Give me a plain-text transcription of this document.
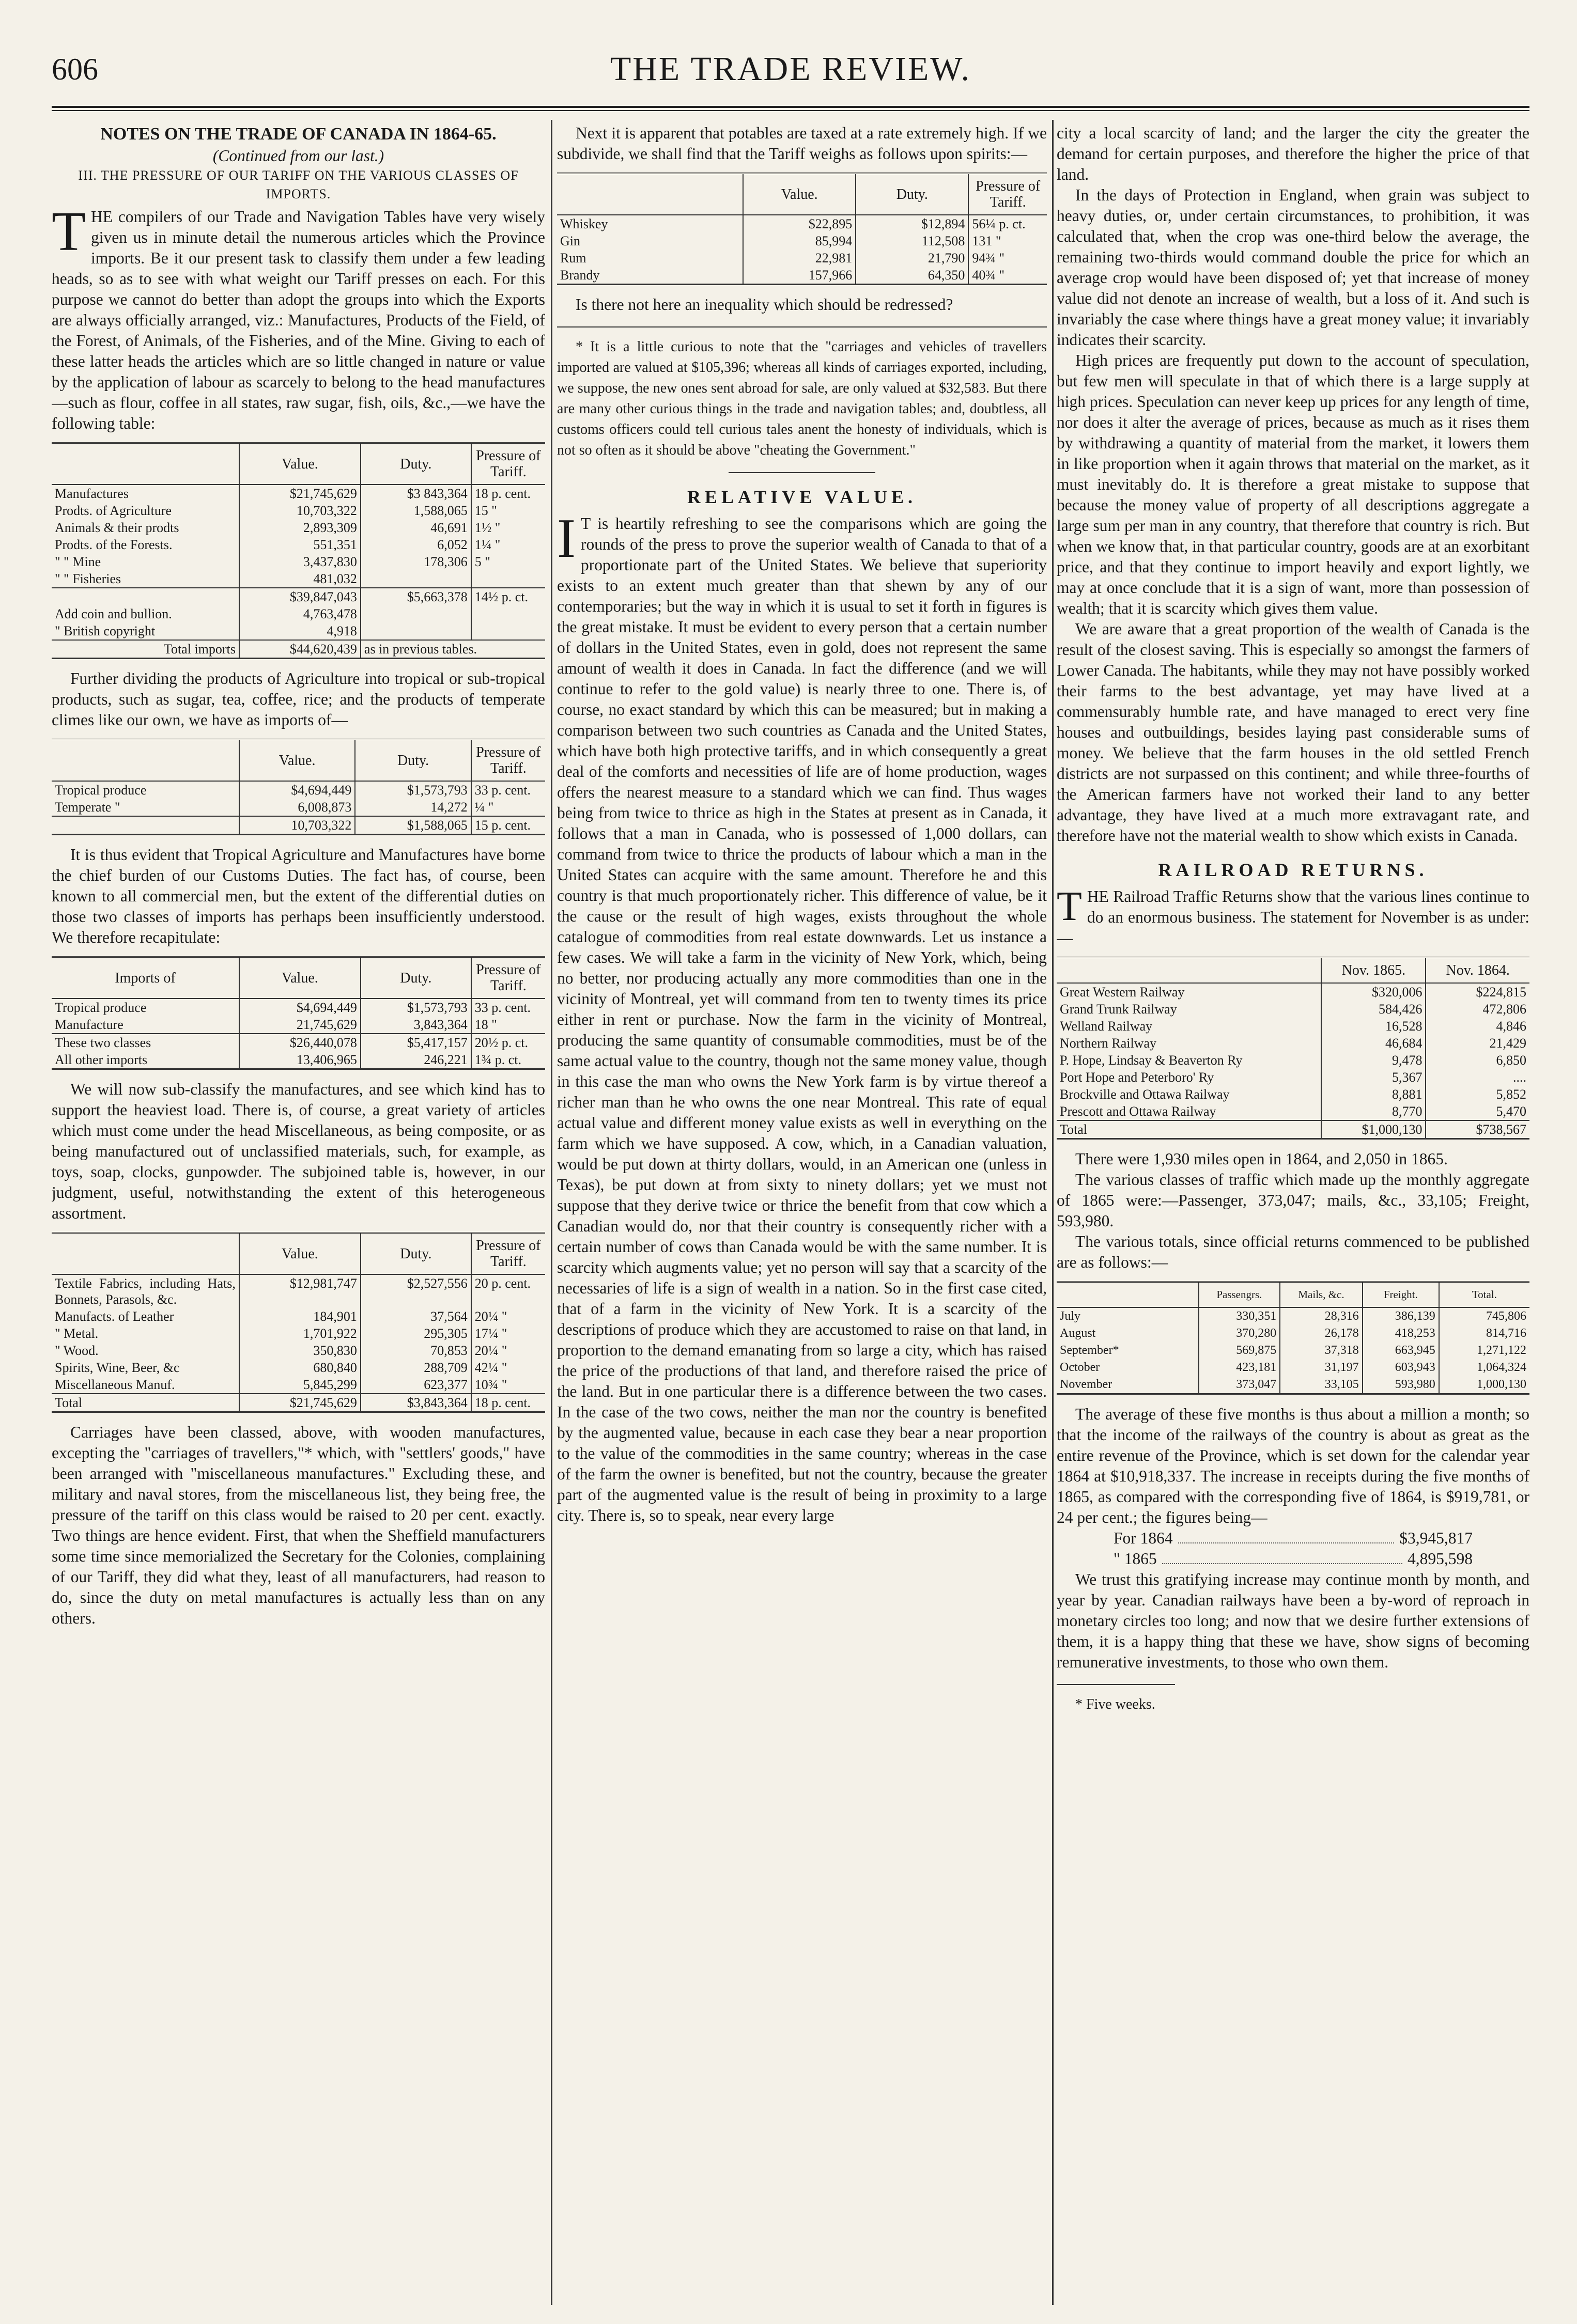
606	THE TRADE REVIEW.

NOTES ON THE TRADE OF CANADA IN 1864-65.

(Continued from our last.)

III. THE PRESSURE OF OUR TARIFF ON THE VARIOUS CLASSES OF IMPORTS.

THE compilers of our Trade and Navigation Tables have very wisely given us in minute detail the numerous articles which the Province imports. Be it our present task to classify them under a few leading heads, so as to see with what weight our Tariff presses on each. For this purpose we cannot do better than adopt the groups into which the Exports are always officially arranged, viz.: Manufactures, Products of the Field, of the Forest, of Animals, of the Fisheries, and of the Mine. Giving to each of these latter heads the articles which are so little changed in nature or value by the application of labour as scarcely to belong to the head manufactures—such as flour, coffee in all states, raw sugar, fish, oils, &c.,—we have the following table:

	Value.	Duty.	Pressure of Tariff.
Manufactures	$21,745,629	$3 843,364	18 p. cent.
Prodts. of Agriculture	10,703,322	1,588,065	15 "
Animals & their prodts	2,893,309	46,691	1½ "
Prodts. of the Forests.	551,351	6,052	1¼ "
" " Mine	3,437,830	178,306	5 "
" " Fisheries	481,032		
	$39,847,043	$5,663,378	14½ p. ct.
Add coin and bullion.	4,763,478		
" British copyright	4,918		
Total imports	$44,620,439	as in previous tables.	

Further dividing the products of Agriculture into tropical or sub-tropical products, such as sugar, tea, coffee, rice; and the products of temperate climes like our own, we have as imports of—

	Value.	Duty.	Pressure of Tariff.
Tropical produce	$4,694,449	$1,573,793	33 p. cent.
Temperate "	6,008,873	14,272	¼ "
	10,703,322	$1,588,065	15 p. cent.

It is thus evident that Tropical Agriculture and Manufactures have borne the chief burden of our Customs Duties. The fact has, of course, been known to all commercial men, but the extent of the differential duties on those two classes of imports has perhaps been insufficiently understood. We therefore recapitulate:

Imports of	Value.	Duty.	Pressure of Tariff.
Tropical produce	$4,694,449	$1,573,793	33 p. cent.
Manufacture	21,745,629	3,843,364	18 "
These two classes	$26,440,078	$5,417,157	20½ p. ct.
All other imports	13,406,965	246,221	1¾ p. ct.

We will now sub-classify the manufactures, and see which kind has to support the heaviest load. There is, of course, a great variety of articles which must come under the head Miscellaneous, as being composite, or as being manufactured out of unclassified materials, such, for example, as toys, soap, clocks, gunpowder. The subjoined table is, however, in our judgment, useful, notwithstanding the extent of this heterogeneous assortment.

	Value.	Duty.	Pressure of Tariff.
Textile Fabrics, including Hats, Bonnets, Parasols, &c.	$12,981,747	$2,527,556	20 p. cent.
Manufacts. of Leather	184,901	37,564	20¼ "
" Metal.	1,701,922	295,305	17¼ "
" Wood.	350,830	70,853	20¼ "
Spirits, Wine, Beer, &c	680,840	288,709	42¼ "
Miscellaneous Manuf.	5,845,299	623,377	10¾ "
Total	$21,745,629	$3,843,364	18 p. cent.

Carriages have been classed, above, with wooden manufactures, excepting the "carriages of travellers,"* which, with "settlers' goods," have been arranged with "miscellaneous manufactures." Excluding these, and military and naval stores, from the miscellaneous list, they being free, the pressure of the tariff on this class would be raised to 20 per cent. exactly. Two things are hence evident. First, that when the Sheffield manufacturers some time since memorialized the Secretary for the Colonies, complaining of our Tariff, they did what they, least of all manufacturers, had reason to do, since the duty on metal manufactures is actually less than on any others.

Next it is apparent that potables are taxed at a rate extremely high. If we subdivide, we shall find that the Tariff weighs as follows upon spirits:—

	Value.	Duty.	Pressure of Tariff.
Whiskey	$22,895	$12,894	56¼ p. ct.
Gin	85,994	112,508	131 "
Rum	22,981	21,790	94¾ "
Brandy	157,966	64,350	40¾ "

Is there not here an inequality which should be redressed?

* It is a little curious to note that the "carriages and vehicles of travellers imported are valued at $105,396; whereas all kinds of carriages exported, including, we suppose, the new ones sent abroad for sale, are only valued at $32,583. But there are many other curious things in the trade and navigation tables; and, doubtless, all customs officers could tell curious tales anent the honesty of individuals, which is not so often as it should be above "cheating the Government."

RELATIVE VALUE.

I T is heartily refreshing to see the comparisons which are going the rounds of the press to prove the superior wealth of Canada to that of a proportionate part of the United States. We believe that superiority exists to an extent much greater than that shewn by any of our contemporaries; but the way in which it is usual to set it forth in figures is the great mistake. It must be evident to every person that a certain number of dollars in the United States, even in gold, does not represent the same amount of wealth it does in Canada. In fact the difference (and we will continue to refer to the gold value) is nearly three to one. There is, of course, no exact standard by which this can be measured; but in making a comparison between two such countries as Canada and the United States, which have both high protective tariffs, and in which consequently a great deal of the comforts and necessities of life are of home production, wages offers the nearest measure to a standard which we can find. Thus wages being from twice to thrice as high in the States at present as in Canada, it follows that a man in Canada, who is possessed of 1,000 dollars, can command from twice to thrice the products of labour which a man in the United States can acquire with the same amount. Therefore he and this country is that much proportionately richer. This difference of value, be it the cause or the result of high wages, exists throughout the whole catalogue of commodities from real estate downwards. Let us instance a few cases. We will take a farm in the vicinity of New York, which, being no better, nor producing actually any more commodities than one in the vicinity of Montreal, yet will command from ten to twenty times its price either in rent or purchase. Now the farm in the vicinity of Montreal, producing the same quantity of consumable commodities, must be of the same actual value to the country, though not the same money value, though in this case the man who owns the New York farm is by virtue thereof a richer man than he who owns the one near Montreal. This rate of equal actual value and different money value exists as well in everything on the farm which we have supposed. A cow, which, in a Canadian valuation, would be put down at thirty dollars, would, in an American one (unless in Texas), be put down at from sixty to ninety dollars; yet we must not suppose that they derive twice or thrice the benefit from that cow which a Canadian would do, nor that their country is consequently richer with a certain number of cows than Canada would be with the same number. It is scarcity which augments value; yet no person will say that a scarcity of the necessaries of life is a sign of wealth in a nation. So in the first case cited, that of a farm in the vicinity of New York. It is a scarcity of the descriptions of produce which they are accustomed to raise on that land, in proportion to the demand emanating from so large a city, which has raised the price of the productions of that land, and therefore raised the price of the land. But in one particular there is a difference between the two cases. In the case of the two cows, neither the man nor the country is benefited by the augmented value, because in each case they bear a near proportion to the value of the commodities in the same country; whereas in the case of the farm the owner is benefited, but not the country, because the greater part of the augmented value is the result of being in proximity to a large city. There is, so to speak, near every large

city a local scarcity of land; and the larger the city the greater the demand for certain purposes, and therefore the higher the price of that land.

In the days of Protection in England, when grain was subject to heavy duties, or, under certain circumstances, to prohibition, it was calculated that, when the crop was one-third below the average, the remaining two-thirds would command double the price for which an average crop would have been disposed of; yet that increase of money value did not denote an increase of wealth, but a loss of it. And such is invariably the case where things have a great money value; it invariably indicates their scarcity.

High prices are frequently put down to the account of speculation, but few men will speculate in that of which there is a large supply at high prices. Speculation can never keep up prices for any length of time, nor does it alter the average of prices, because as much as it rises them by withdrawing a quantity of material from the market, it lowers them in like proportion when it again throws that material on the market, as it must inevitably do. It is therefore a great mistake to suppose that because the money value of property of all descriptions aggregate a large sum per man in any country, that therefore that country is rich. But when we know that, in that particular country, goods are at an exorbitant price, and that they continue to import heavily and export lightly, we may at once conclude that it is a sign of want, more than possession of wealth; that it is scarcity which gives them value.

We are aware that a great proportion of the wealth of Canada is the result of the closest saving. This is especially so amongst the farmers of Lower Canada. The habitants, while they may not have possibly worked their farms to the best advantage, yet may have lived at a commensurably humble rate, and have managed to erect very fine houses and outbuildings, besides laying past considerable sums of money. We believe that the farm houses in the old settled French districts are not surpassed on this continent; and while three-fourths of the American farmers have not worked their land to any better advantage, they have lived at a much more extravagant rate, and therefore have not the material wealth to show which exists in Canada.

RAILROAD RETURNS.

THE Railroad Traffic Returns show that the various lines continue to do an enormous business. The statement for November is as under:—

	Nov. 1865.	Nov. 1864.
Great Western Railway	$320,006	$224,815
Grand Trunk Railway	584,426	472,806
Welland Railway	16,528	4,846
Northern Railway	46,684	21,429
P. Hope, Lindsay & Beaverton Ry	9,478	6,850
Port Hope and Peterboro' Ry	5,367	....
Brockville and Ottawa Railway	8,881	5,852
Prescott and Ottawa Railway	8,770	5,470
Total	$1,000,130	$738,567

There were 1,930 miles open in 1864, and 2,050 in 1865.

The various classes of traffic which made up the monthly aggregate of 1865 were:—Passenger, 373,047; mails, &c., 33,105; Freight, 593,980.

The various totals, since official returns commenced to be published are as follows:—

	Passengrs.	Mails, &c.	Freight.	Total.
July	330,351	28,316	386,139	745,806
August	370,280	26,178	418,253	814,716
September*	569,875	37,318	663,945	1,271,122
October	423,181	31,197	603,943	1,064,324
November	373,047	33,105	593,980	1,000,130

The average of these five months is thus about a million a month; so that the income of the railways of the country is about as great as the entire revenue of the Province, which is set down for the calendar year 1864 at $10,918,337. The increase in receipts during the five months of 1865, as compared with the corresponding five of 1864, is $919,781, or 24 per cent.; the figures being—

For 1864	$3,945,817
" 1865	4,895,598

We trust this gratifying increase may continue month by month, and year by year. Canadian railways have been a by-word of reproach in monetary circles too long; and now that we desire further extensions of them, it is a happy thing that these we have, show signs of becoming remunerative investments, to those who own them.

* Five weeks.
